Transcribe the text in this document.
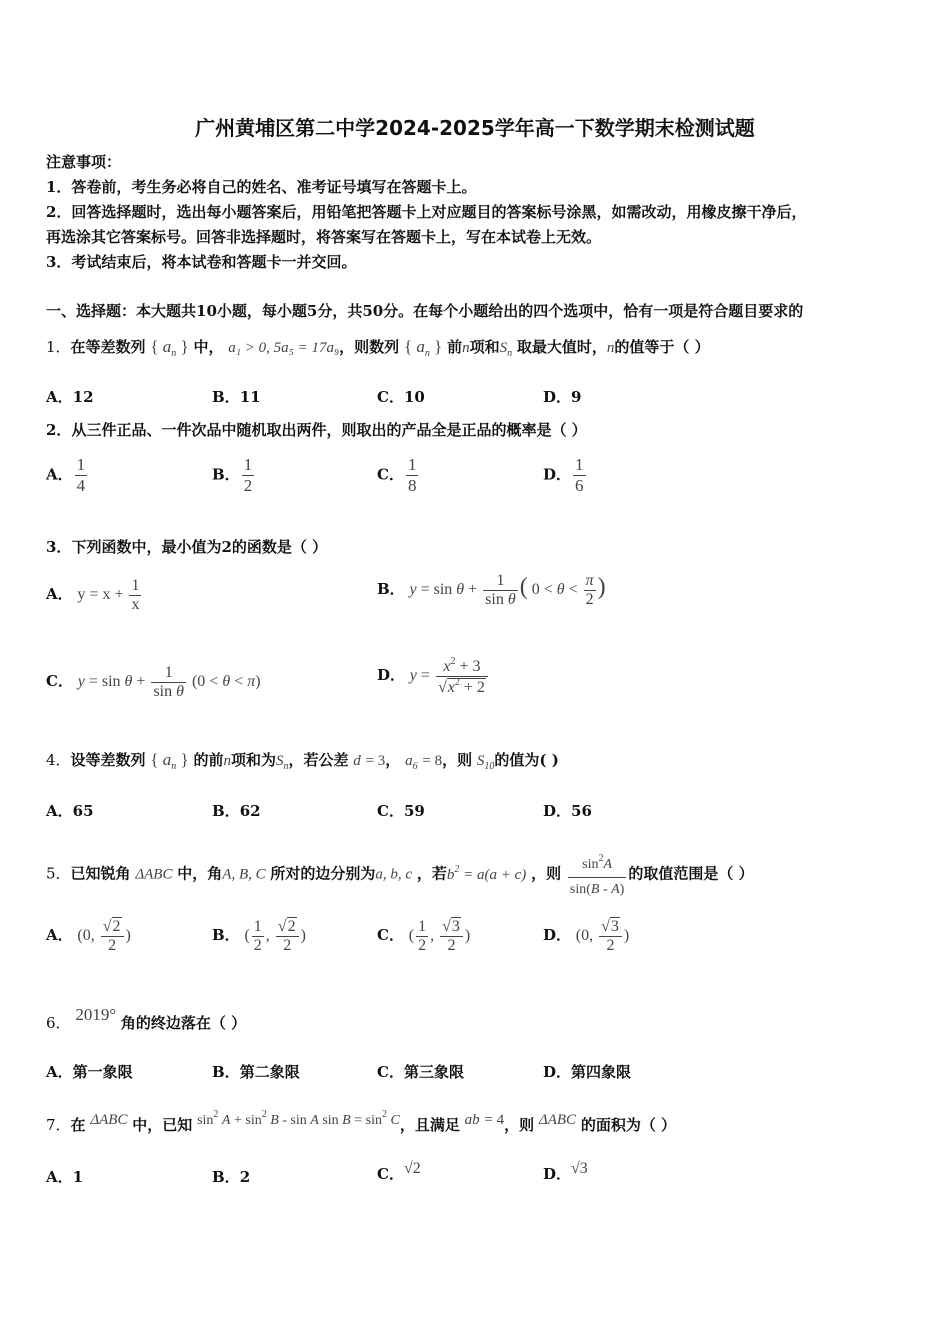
广州黄埔区第二中学2024-2025学年高一下数学期末检测试题
注意事项：
1．答卷前，考生务必将自己的姓名、准考证号填写在答题卡上。
2．回答选择题时，选出每小题答案后，用铅笔把答题卡上对应题目的答案标号涂黑，如需改动，用橡皮擦干净后，
再选涂其它答案标号。回答非选择题时，将答案写在答题卡上，写在本试卷上无效。
3．考试结束后，将本试卷和答题卡一并交回。
一、选择题：本大题共10小题，每小题5分，共50分。在每个小题给出的四个选项中，恰有一项是符合题目要求的
1．在等差数列 { $a_n$ } 中， a₁ > 0, 5a₅ = 17a₉，则数列 { $a_n$ } 前n项和$S_n$ 取最大值时，n的值等于（ ）
A．12	B．11	C．10	D．9
2．从三件正品、一件次品中随机取出两件，则取出的产品全是正品的概率是（ ）
A． $\frac{1}{4}$	B． $\frac{1}{2}$	C． $\frac{1}{8}$	D． $\frac{1}{6}$
3．下列函数中，最小值为2的函数是（ ）
A． $y = x + \frac{1}{x}$	B． $y = \sin \theta + \frac{1}{\text{sin θ}}$ ( $0 < \theta < \frac{\pi}{2}$ )
C． $y = \sin \theta + \frac{1}{\text{sin θ}} (0 < \theta < \pi)$	D． $y = \frac{x^2 + 3}{√x^2 + 2}$
4．设等差数列 { $a_n$ } 的前n项和为$S_n$，若公差 d = 3， $a_6 = 8$，则 $S_{10}$的值为( )
A．65	B．62	C．59	D．56
5．已知锐角 ΔABC 中，角A, B, C 所对的边分别为a, b, c ，若$b^2 = a(a + c)$ ，则 $\frac{\sin^2A}{\sin(B - A)}$ 的取值范围是（ ）
A． (0, $\frac{√2}{2}$ )	B． ( $\frac{1}{2}$ , $\frac{√2}{2}$ )	C． ( $\frac{1}{2}$ , $\frac{√3}{2}$ )	D． (0, $\frac{√3}{2}$ )
6． 2019° 角的终边落在（ ）
A．第一象限	B．第二象限	C．第三象限	D．第四象限
7．在 ΔABC 中，已知 $\sin^2 A + \sin^2 B - \sin A$ $\sin B = \sin^2 C$，且满足 ab = 4，则 ΔABC 的面积为（ ）
A．1	B．2	C．√2	D．√3
